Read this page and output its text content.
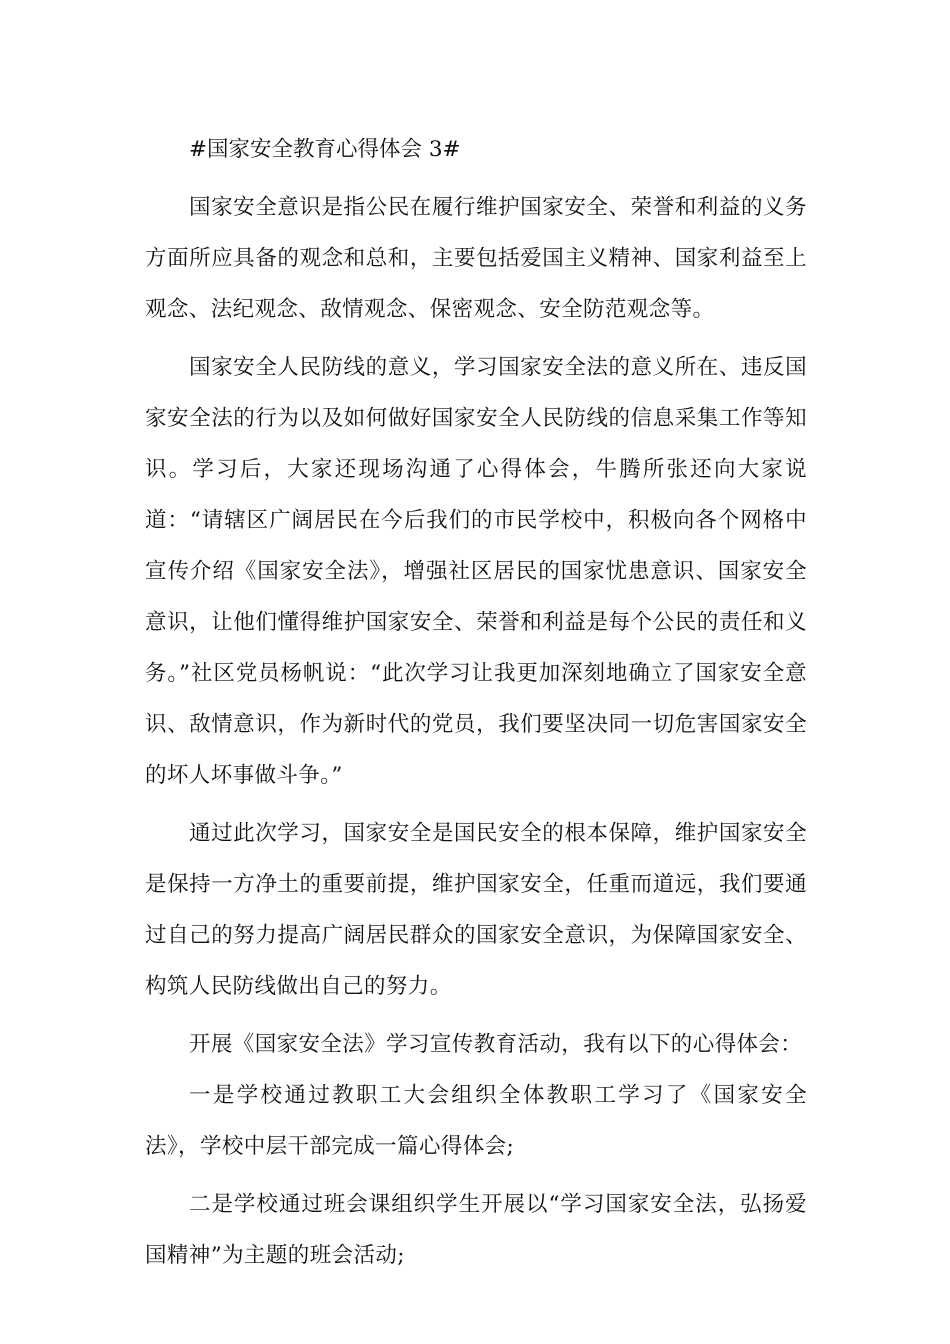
#国家安全教育心得体会 3#

国家安全意识是指公民在履行维护国家安全、荣誉和利益的义务方面所应具备的观念和总和，主要包括爱国主义精神、国家利益至上观念、法纪观念、敌情观念、保密观念、安全防范观念等。

国家安全人民防线的意义，学习国家安全法的意义所在、违反国家安全法的行为以及如何做好国家安全人民防线的信息采集工作等知识。学习后，大家还现场沟通了心得体会，牛腾所张还向大家说道：“请辖区广阔居民在今后我们的市民学校中，积极向各个网格中宣传介绍《国家安全法》，增强社区居民的国家忧患意识、国家安全意识，让他们懂得维护国家安全、荣誉和利益是每个公民的责任和义务。”社区党员杨帆说：“此次学习让我更加深刻地确立了国家安全意识、敌情意识，作为新时代的党员，我们要坚决同一切危害国家安全的坏人坏事做斗争。”

通过此次学习，国家安全是国民安全的根本保障，维护国家安全是保持一方净土的重要前提，维护国家安全，任重而道远，我们要通过自己的努力提高广阔居民群众的国家安全意识，为保障国家安全、构筑人民防线做出自己的努力。

开展《国家安全法》学习宣传教育活动，我有以下的心得体会：

一是学校通过教职工大会组织全体教职工学习了《国家安全法》，学校中层干部完成一篇心得体会;

二是学校通过班会课组织学生开展以“学习国家安全法，弘扬爱国精神”为主题的班会活动;
